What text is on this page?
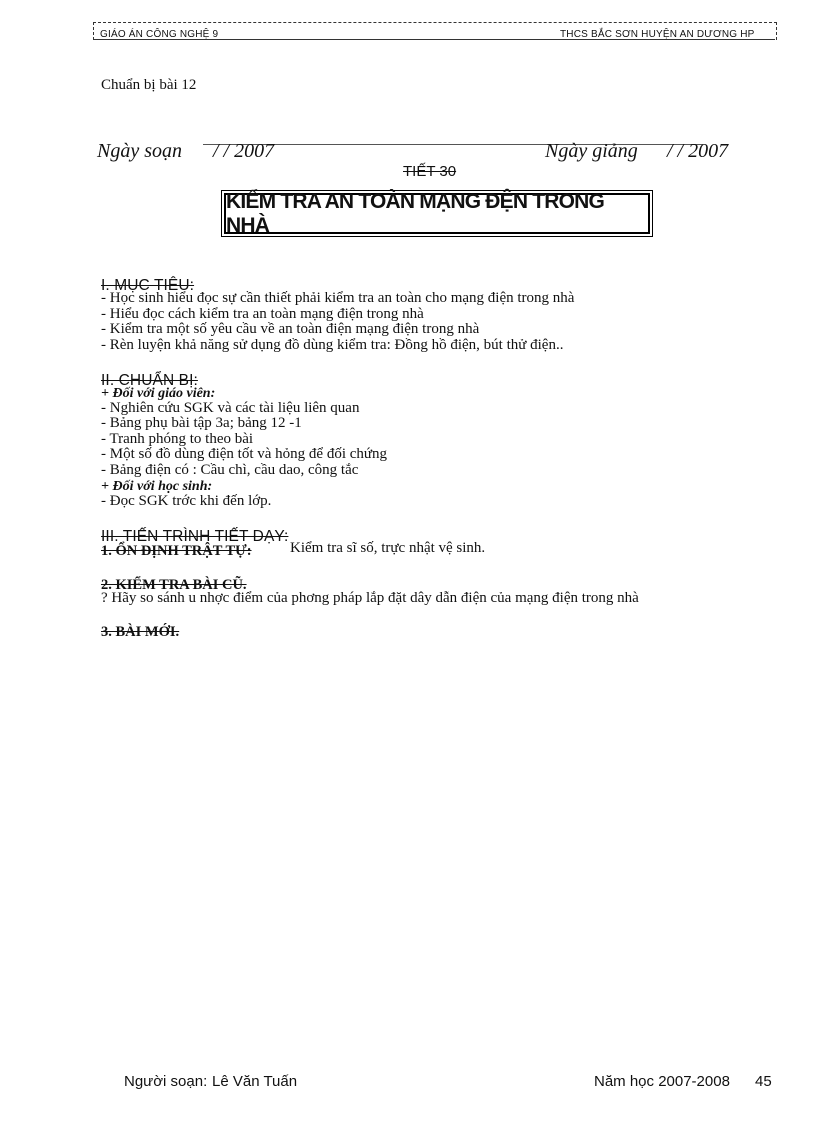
GIÁO ÁN CÔNG NGHỆ 9	THCS BẮC SƠN HUYỆN AN DƯƠNG HP
Chuẩn bị bài 12
Ngày soạn / / 2007	Ngày giảng / / 2007
TIẾT 30
KIỂM TRA AN TOÀN MẠNG ĐỆN TRONG NHÀ
I. MỤC TIÊU:
- Học sinh hiểu đọc sự cần thiết phải kiểm tra an toàn cho mạng điện trong nhà
- Hiểu đọc cách kiểm tra an toàn mạng điện trong nhà
- Kiểm tra một số yêu cầu về an toàn điện mạng điện trong nhà
- Rèn luyện khả năng sử dụng đồ dùng kiểm tra: Đồng hồ điện, bút thử điện..
II. CHUẨN BỊ:
+ Đối với giáo viên:
- Nghiên cứu SGK và các tài liệu liên quan
- Bảng phụ bài tập 3a; bảng 12 -1
- Tranh phóng to theo bài
- Một số đồ dùng điện tốt và hỏng để đối chứng
- Bảng điện có : Cầu chì, cầu dao, công tắc
+ Đối với học sinh:
- Đọc SGK trớc khi đến lớp.
III. TIẾN TRÌNH TIẾT DẠY:
1. ỔN ĐỊNH TRẬT TỰ:	Kiểm tra sĩ số, trực nhật vệ sinh.
2. KIỂM TRA BÀI CŨ.
? Hãy so sánh u nhợc điểm của phơng pháp lắp đặt dây dẫn điện của mạng điện trong nhà
3. BÀI MỚI.
Người soạn: Lê Văn Tuấn	Năm học 2007-2008 45
